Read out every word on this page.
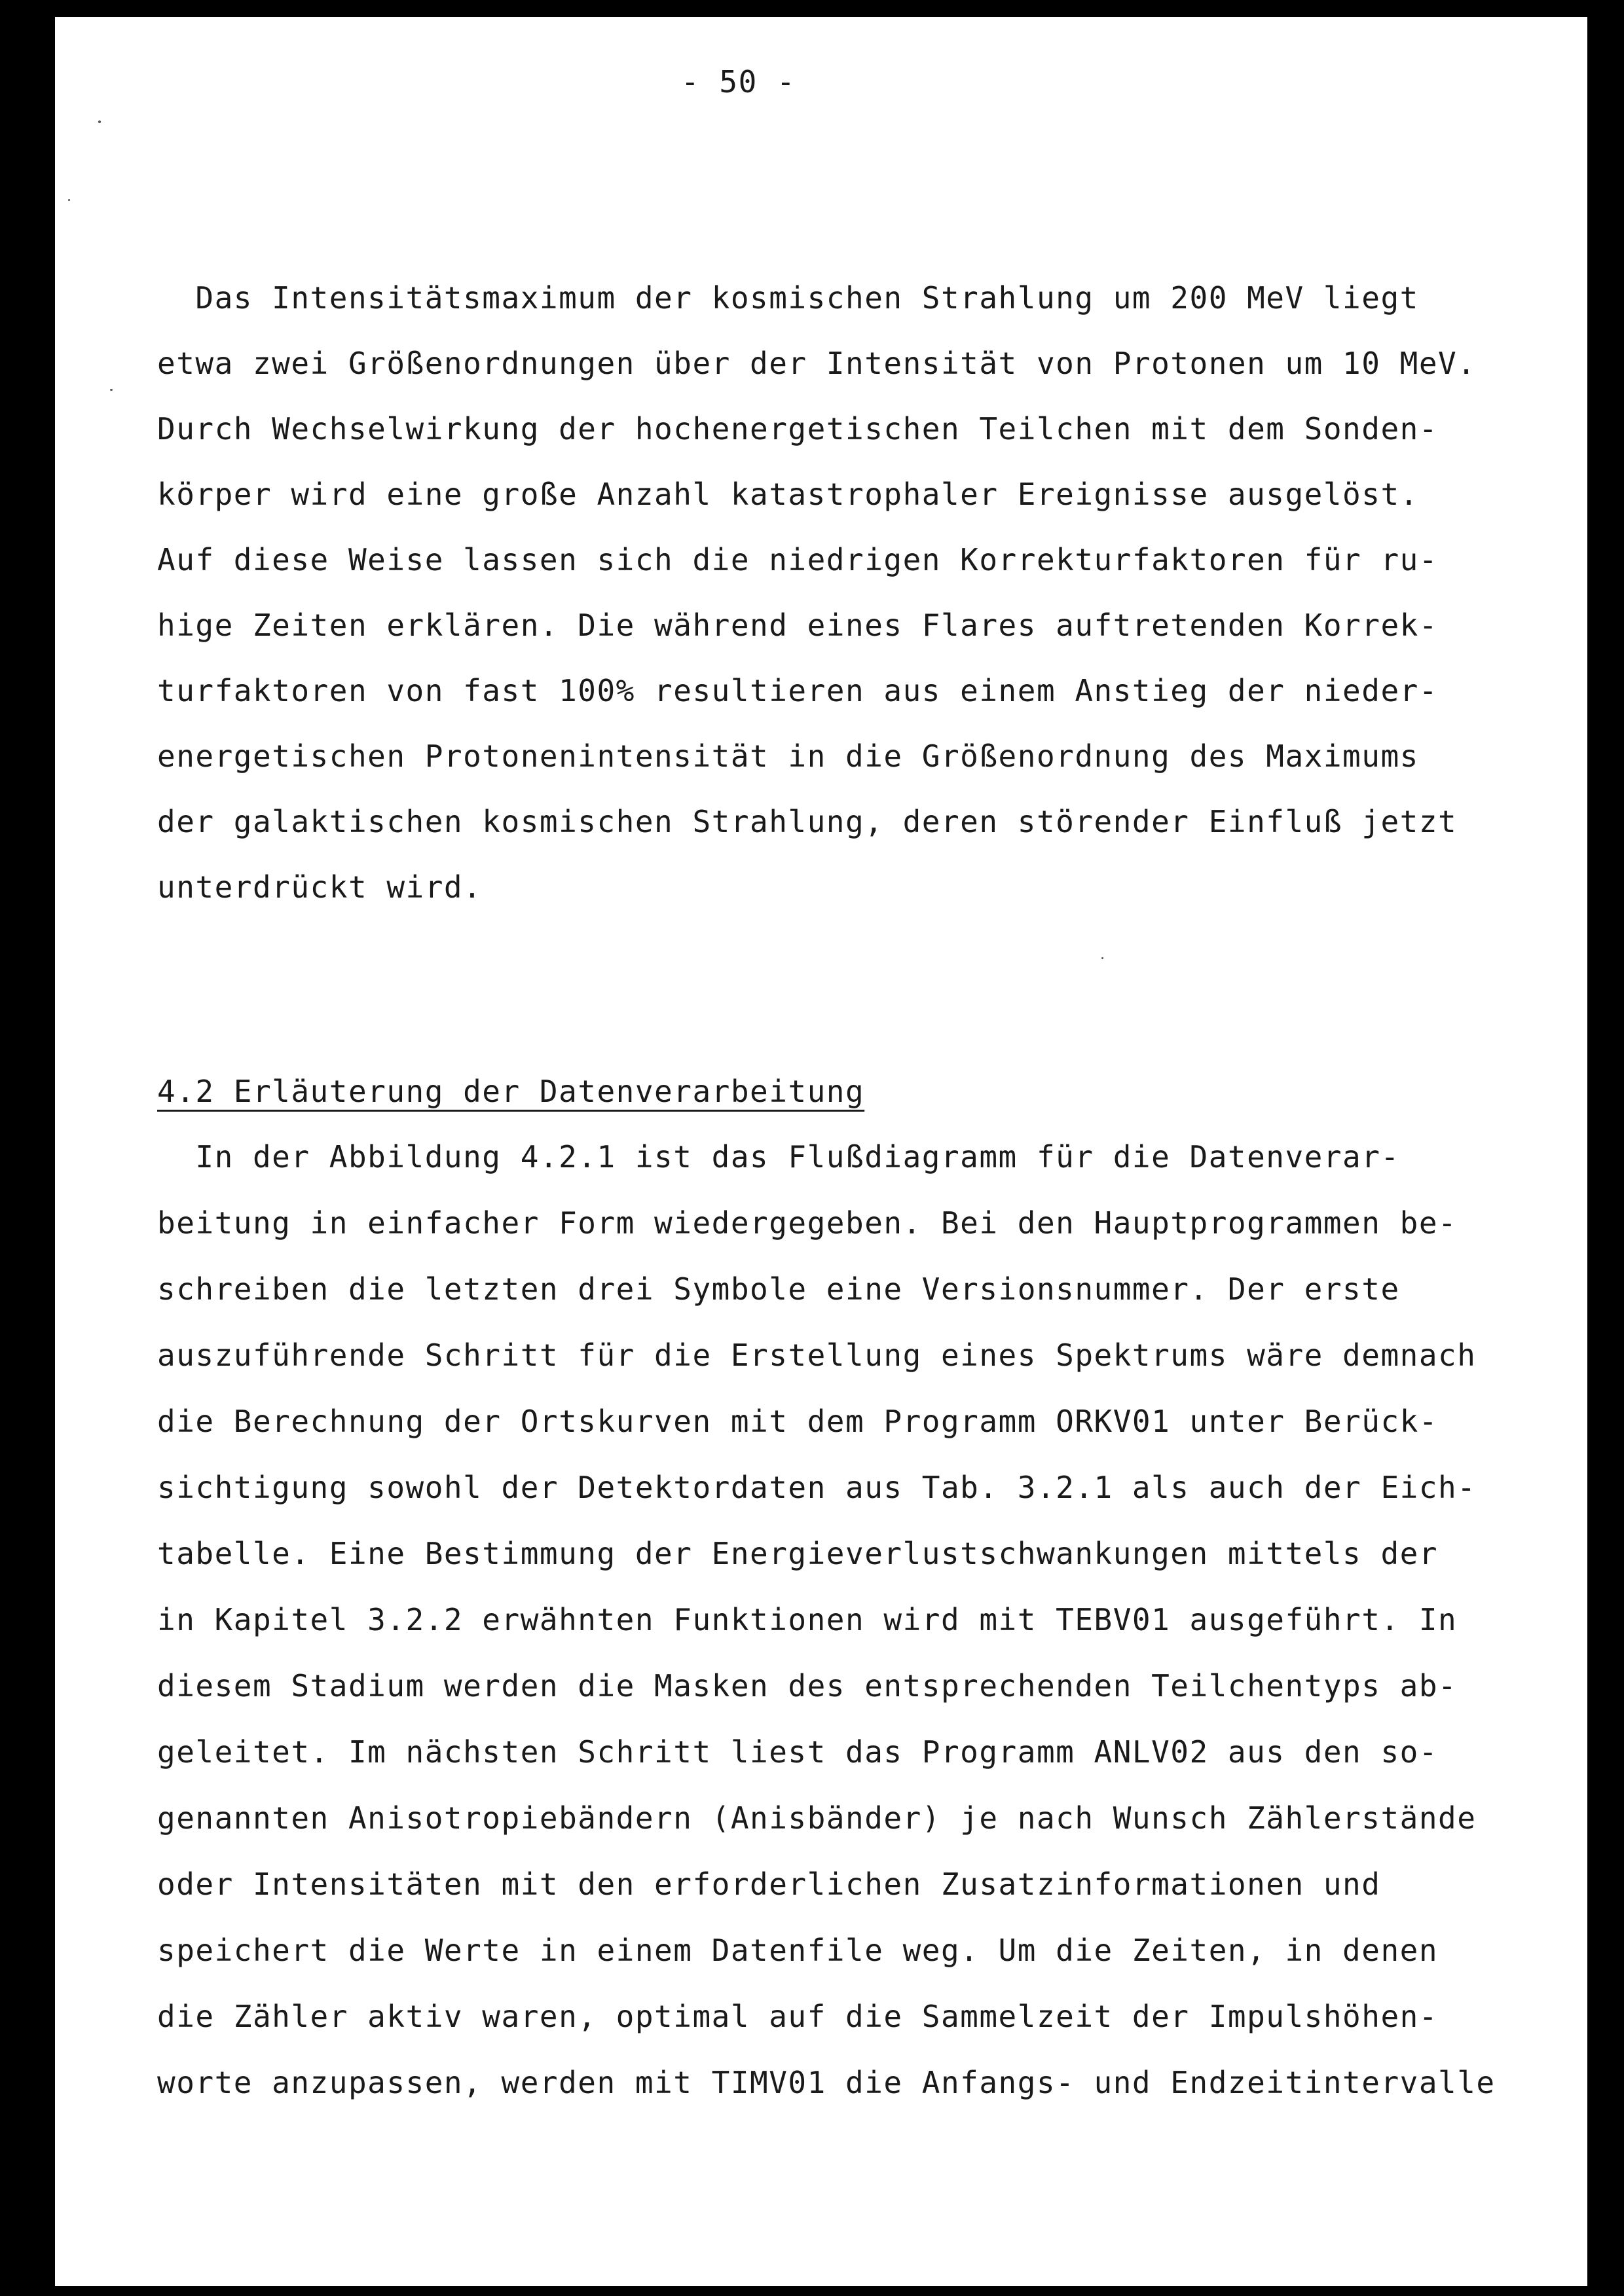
- 50 -
Das Intensitätsmaximum der kosmischen Strahlung um 200 MeV liegt
etwa zwei Größenordnungen über der Intensität von Protonen um 10 MeV.
Durch Wechselwirkung der hochenergetischen Teilchen mit dem Sonden-
körper wird eine große Anzahl katastrophaler Ereignisse ausgelöst.
Auf diese Weise lassen sich die niedrigen Korrekturfaktoren für ru-
hige Zeiten erklären. Die während eines Flares auftretenden Korrek-
turfaktoren von fast 100% resultieren aus einem Anstieg der nieder-
energetischen Protonenintensität in die Größenordnung des Maximums
der galaktischen kosmischen Strahlung, deren störender Einfluß jetzt
unterdrückt wird.
4.2 Erläuterung der Datenverarbeitung
In der Abbildung 4.2.1 ist das Flußdiagramm für die Datenverar-
beitung in einfacher Form wiedergegeben. Bei den Hauptprogrammen be-
schreiben die letzten drei Symbole eine Versionsnummer. Der erste
auszuführende Schritt für die Erstellung eines Spektrums wäre demnach
die Berechnung der Ortskurven mit dem Programm ORKV01 unter Berück-
sichtigung sowohl der Detektordaten aus Tab. 3.2.1 als auch der Eich-
tabelle. Eine Bestimmung der Energieverlustschwankungen mittels der
in Kapitel 3.2.2 erwähnten Funktionen wird mit TEBV01 ausgeführt. In
diesem Stadium werden die Masken des entsprechenden Teilchentyps ab-
geleitet. Im nächsten Schritt liest das Programm ANLV02 aus den so-
genannten Anisotropiebändern (Anisbänder) je nach Wunsch Zählerstände
oder Intensitäten mit den erforderlichen Zusatzinformationen und
speichert die Werte in einem Datenfile weg. Um die Zeiten, in denen
die Zähler aktiv waren, optimal auf die Sammelzeit der Impulshöhen-
worte anzupassen, werden mit TIMV01 die Anfangs- und Endzeitintervalle
